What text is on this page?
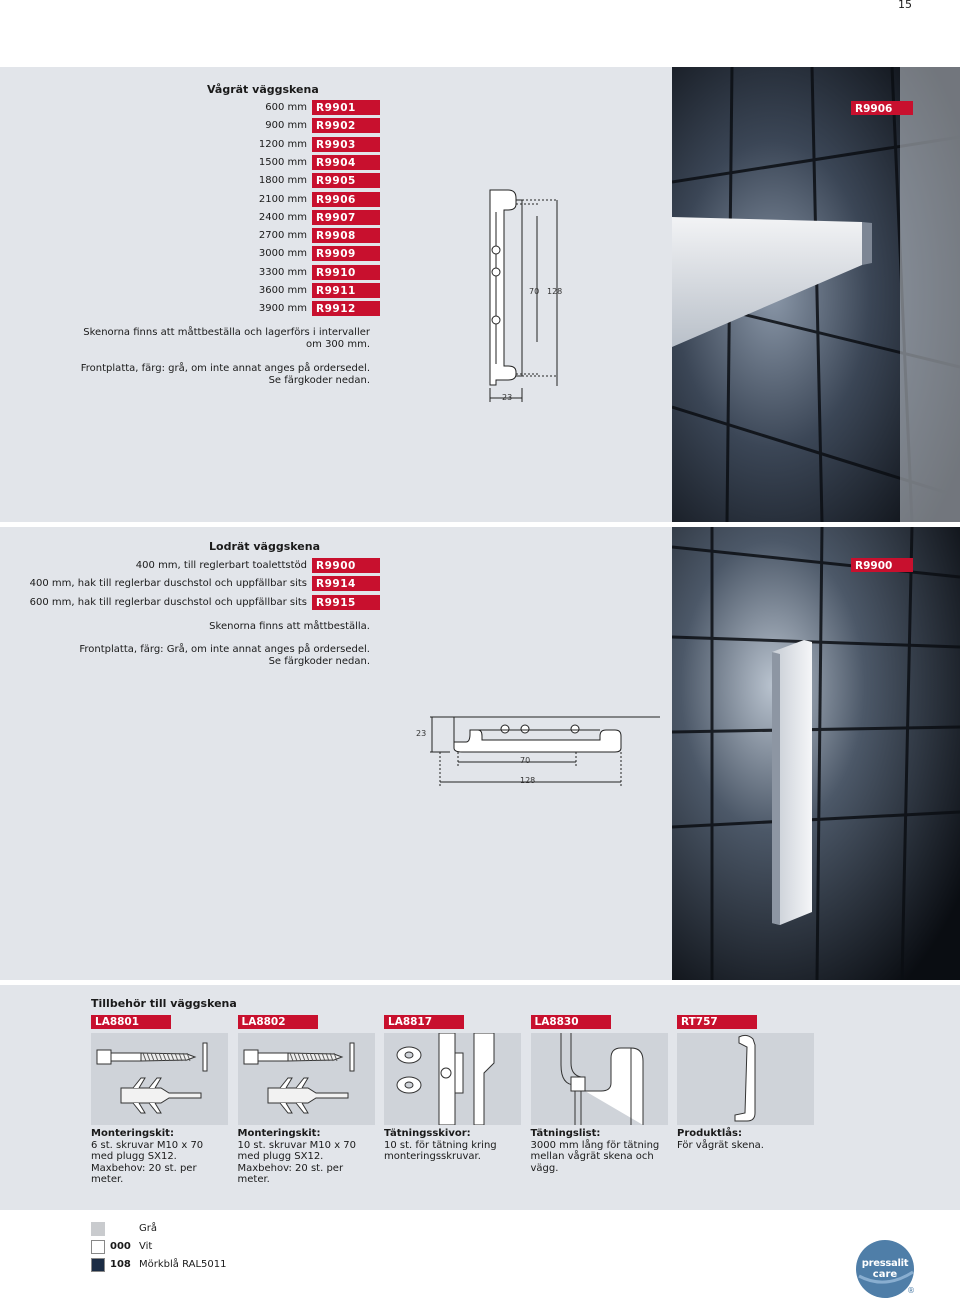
15
R9906
Vågrät väggskena
600 mm R9901
900 mm R9902
1200 mm R9903
1500 mm R9904
1800 mm R9905
2100 mm R9906
2400 mm R9907
2700 mm R9908
3000 mm R9909
3300 mm R9910
3600 mm R9911
3900 mm R9912
Skenorna finns att måttbeställa och lagerförs i intervaller
om 300 mm.
Frontplatta, färg: grå, om inte annat anges på ordersedel.
Se färgkoder nedan.
70 128
23
R9900
Lodrät väggskena
400 mm, till reglerbart toalettstöd R9900
400 mm, hak till reglerbar duschstol och uppfällbar sits R9914
600 mm, hak till reglerbar duschstol och uppfällbar sits R9915
Skenorna finns att måttbeställa.
Frontplatta, färg: Grå, om inte annat anges på ordersedel.
Se färgkoder nedan.
23
70
128
Tillbehör till väggskena
LA8801
Monteringskit:
6 st. skruvar M10 x 70
med plugg SX12.
Maxbehov: 20 st. per
meter.
LA8802
Monteringskit:
10 st. skruvar M10 x 70
med plugg SX12.
Maxbehov: 20 st. per
meter.
LA8817
Tätningsskivor:
10 st. för tätning kring
monteringsskruvar.
LA8830
Tätningslist:
3000 mm lång för tätning
mellan vågrät skena och
vägg.
RT757
Produktlås:
För vågrät skena.
Grå
000 Vit
108 Mörkblå RAL5011	pressalit
care
®
